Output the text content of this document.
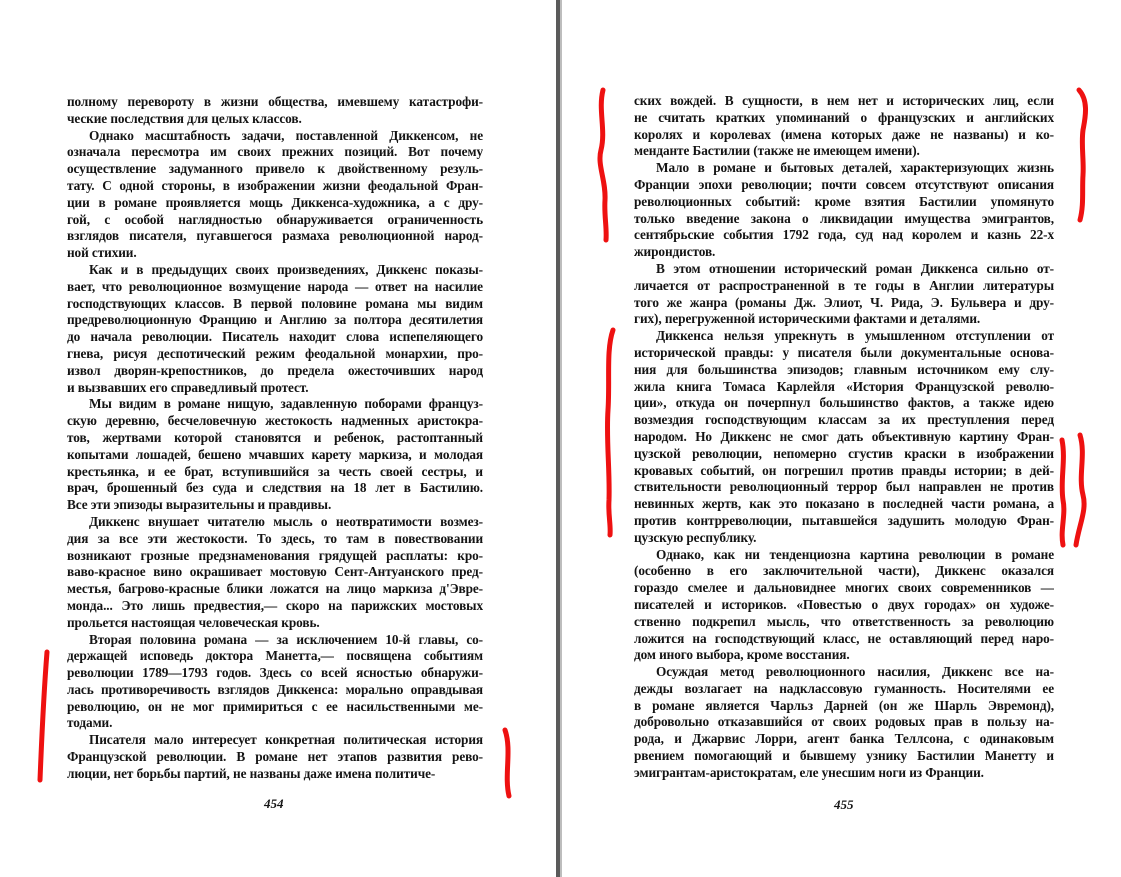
полному перевороту в жизни общества, имевшему катастрофи-
ческие последствия для целых классов.
Однако масштабность задачи, поставленной Диккенсом, не
означала пересмотра им своих прежних позиций. Вот почему
осуществление задуманного привело к двойственному резуль-
тату. С одной стороны, в изображении жизни феодальной Фран-
ции в романе проявляется мощь Диккенса-художника, а с дру-
гой, с особой наглядностью обнаруживается ограниченность
взглядов писателя, пугавшегося размаха революционной народ-
ной стихии.
Как и в предыдущих своих произведениях, Диккенс показы-
вает, что революционное возмущение народа — ответ на насилие
господствующих классов. В первой половине романа мы видим
предреволюционную Францию и Англию за полтора десятилетия
до начала революции. Писатель находит слова испепеляющего
гнева, рисуя деспотический режим феодальной монархии, про-
извол дворян-крепостников, до предела ожесточивших народ
и вызвавших его справедливый протест.
Мы видим в романе нищую, задавленную поборами француз-
скую деревню, бесчеловечную жестокость надменных аристокра-
тов, жертвами которой становятся и ребенок, растоптанный
копытами лошадей, бешено мчавших карету маркиза, и молодая
крестьянка, и ее брат, вступившийся за честь своей сестры, и
врач, брошенный без суда и следствия на 18 лет в Бастилию.
Все эти эпизоды выразительны и правдивы.
Диккенс внушает читателю мысль о неотвратимости возмез-
дия за все эти жестокости. То здесь, то там в повествовании
возникают грозные предзнаменования грядущей расплаты: кро-
ваво-красное вино окрашивает мостовую Сент-Антуанского пред-
местья, багрово-красные блики ложатся на лицо маркиза д'Эвре-
монда... Это лишь предвестия,— скоро на парижских мостовых
прольется настоящая человеческая кровь.
Вторая половина романа — за исключением 10-й главы, со-
держащей исповедь доктора Манетта,— посвящена событиям
революции 1789—1793 годов. Здесь со всей ясностью обнаружи-
лась противоречивость взглядов Диккенса: морально оправдывая
революцию, он не мог примириться с ее насильственными ме-
тодами.
Писателя мало интересует конкретная политическая история
Французской революции. В романе нет этапов развития рево-
люции, нет борьбы партий, не названы даже имена политиче-
454
ских вождей. В сущности, в нем нет и исторических лиц, если
не считать кратких упоминаний о французских и английских
королях и королевах (имена которых даже не названы) и ко-
менданте Бастилии (также не имеющем имени).
Мало в романе и бытовых деталей, характеризующих жизнь
Франции эпохи революции; почти совсем отсутствуют описания
революционных событий: кроме взятия Бастилии упомянуто
только введение закона о ликвидации имущества эмигрантов,
сентябрьские события 1792 года, суд над королем и казнь 22-х
жирондистов.
В этом отношении исторический роман Диккенса сильно от-
личается от распространенной в те годы в Англии литературы
того же жанра (романы Дж. Элиот, Ч. Рида, Э. Бульвера и дру-
гих), перегруженной историческими фактами и деталями.
Диккенса нельзя упрекнуть в умышленном отступлении от
исторической правды: у писателя были документальные основа-
ния для большинства эпизодов; главным источником ему слу-
жила книга Томаса Карлейля «История Французской револю-
ции», откуда он почерпнул большинство фактов, а также идею
возмездия господствующим классам за их преступления перед
народом. Но Диккенс не смог дать объективную картину Фран-
цузской революции, непомерно сгустив краски в изображении
кровавых событий, он погрешил против правды истории; в дей-
ствительности революционный террор был направлен не против
невинных жертв, как это показано в последней части романа, а
против контрреволюции, пытавшейся задушить молодую Фран-
цузскую республику.
Однако, как ни тенденциозна картина революции в романе
(особенно в его заключительной части), Диккенс оказался
гораздо смелее и дальновиднее многих своих современников —
писателей и историков. «Повестью о двух городах» он художе-
ственно подкрепил мысль, что ответственность за революцию
ложится на господствующий класс, не оставляющий перед наро-
дом иного выбора, кроме восстания.
Осуждая метод революционного насилия, Диккенс все на-
дежды возлагает на надклассовую гуманность. Носителями ее
в романе является Чарльз Дарней (он же Шарль Эвремонд),
добровольно отказавшийся от своих родовых прав в пользу на-
рода, и Джарвис Лорри, агент банка Теллсона, с одинаковым
рвением помогающий и бывшему узнику Бастилии Манетту и
эмигрантам-аристократам, еле унесшим ноги из Франции.
455
